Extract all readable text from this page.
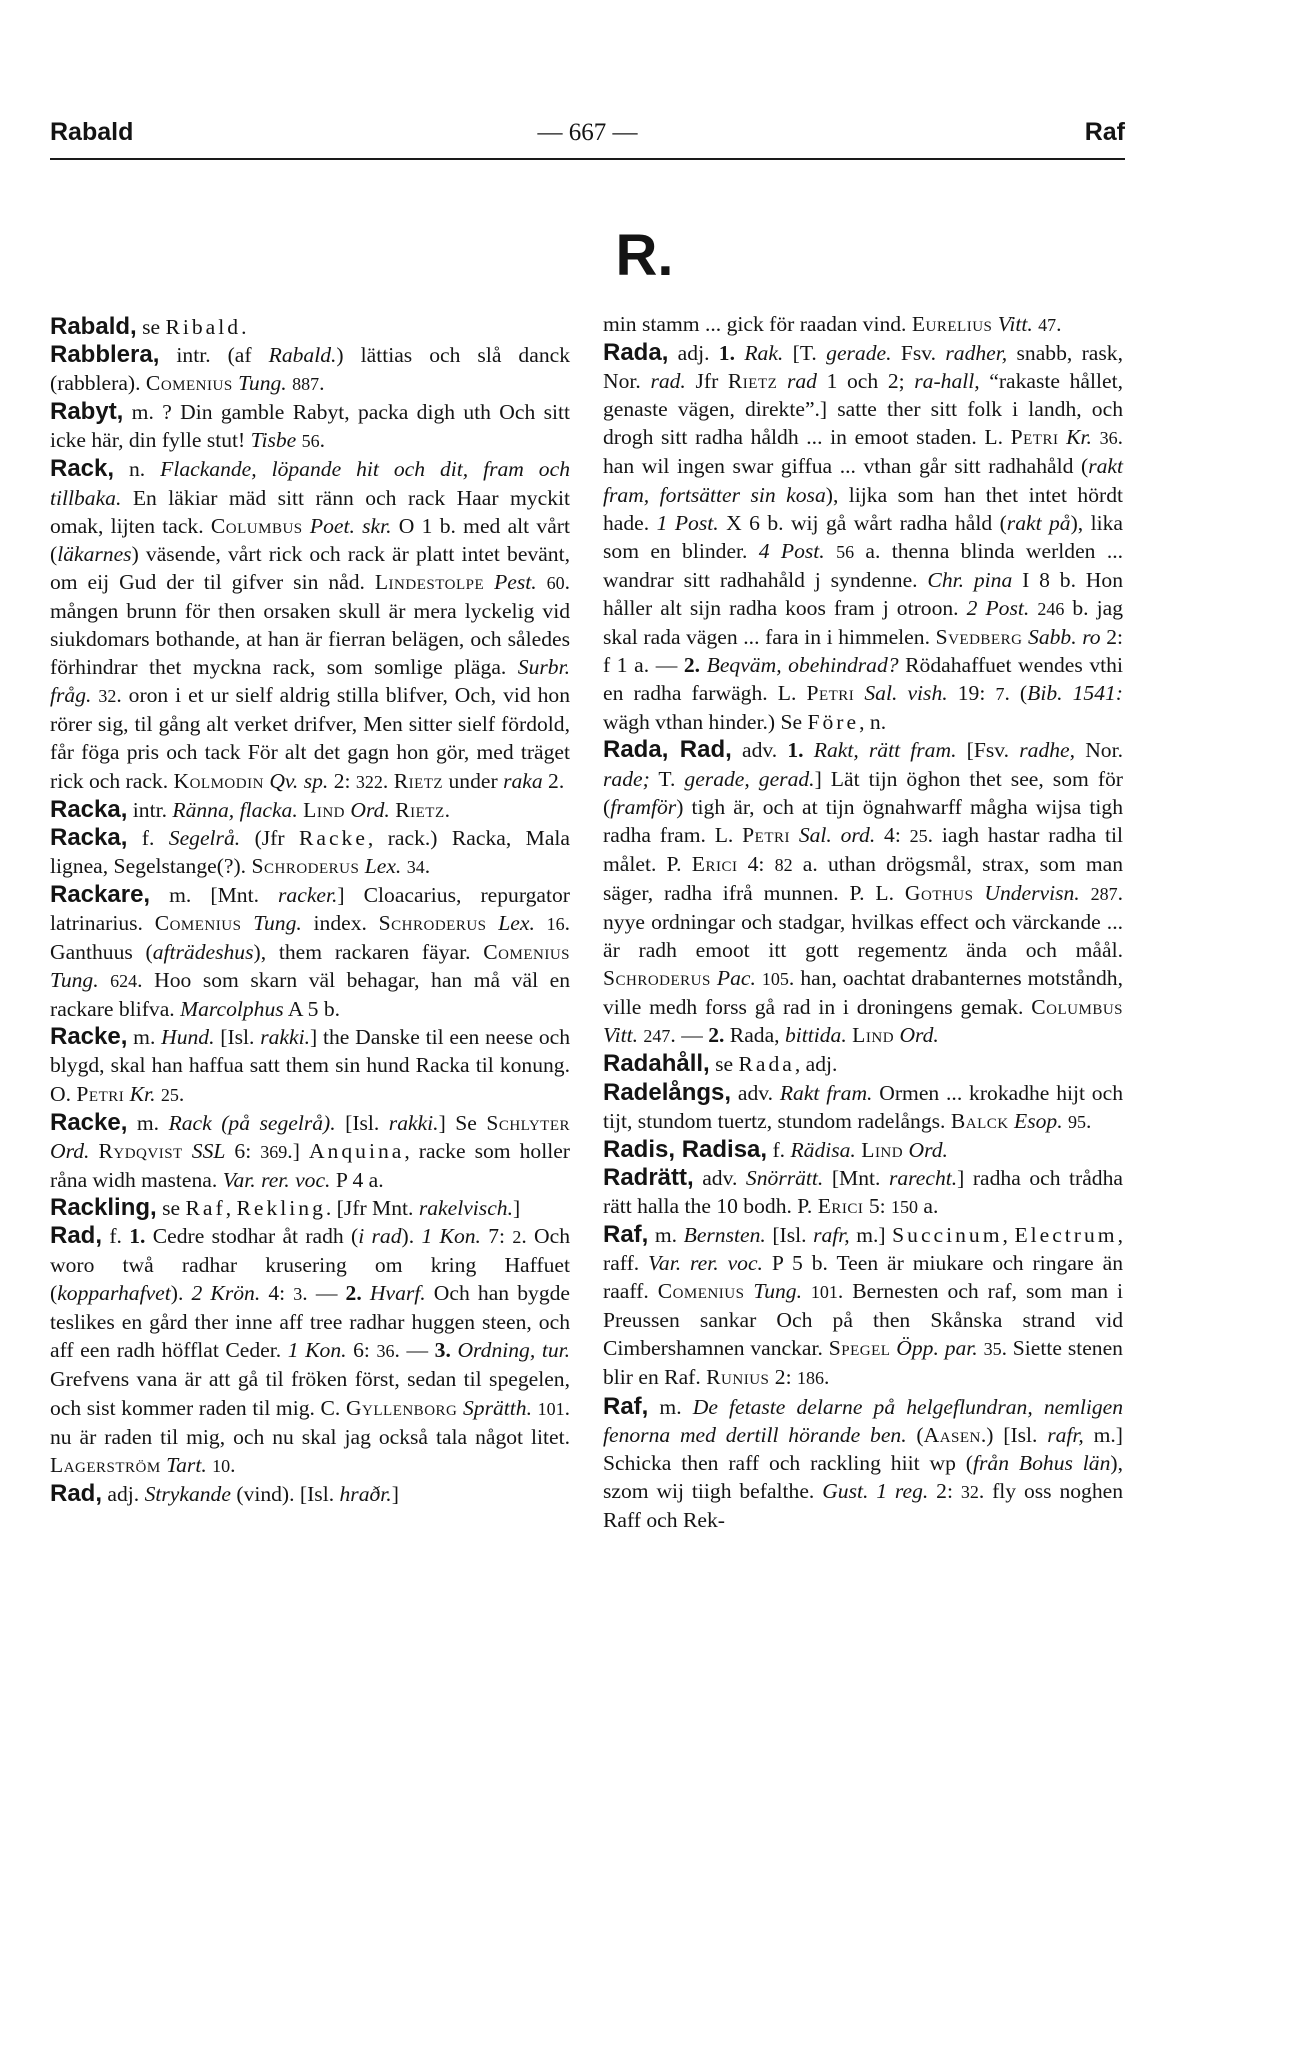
Rabald	— 667 —	Raf
R.

Rabald, se Ribald.

Rabblera, intr. (af Rabald.) lättias och slå danck (rabblera). Comenius Tung. 887.

Rabyt, m. ? Din gamble Rabyt, packa digh uth Och sitt icke här, din fylle stut! Tisbe 56.

Rack, n. Flackande, löpande hit och dit, fram och tillbaka. En läkiar mäd sitt ränn och rack Haar myckit omak, lijten tack. Columbus Poet. skr. O 1 b. med alt vårt (läkarnes) väsende, vårt rick och rack är platt intet bevänt, om eij Gud der til gifver sin nåd. Lindestolpe Pest. 60. mången brunn för then orsaken skull är mera lyckelig vid siukdomars bothande, at han är fierran belägen, och således förhindrar thet myckna rack, som somlige pläga. Surbr. fråg. 32. oron i et ur sielf aldrig stilla blifver, Och, vid hon rörer sig, til gång alt verket drifver, Men sitter sielf fördold, får föga pris och tack För alt det gagn hon gör, med träget rick och rack. Kolmodin Qv. sp. 2: 322. Rietz under raka 2.

Racka, intr. Ränna, flacka. Lind Ord. Rietz.

Racka, f. Segelrå. (Jfr Racke, rack.) Racka, Mala lignea, Segelstange(?). Schroderus Lex. 34.

Rackare, m. [Mnt. racker.] Cloacarius, repurgator latrinarius. Comenius Tung. index. Schroderus Lex. 16. Ganthuus (afträdeshus), them rackaren fäyar. Comenius Tung. 624. Hoo som skarn väl behagar, han må väl en rackare blifva. Marcolphus A 5 b.

Racke, m. Hund. [Isl. rakki.] the Danske til een neese och blygd, skal han haffua satt them sin hund Racka til konung. O. Petri Kr. 25.

Racke, m. Rack (på segelrå). [Isl. rakki.] Se Schlyter Ord. Rydqvist SSL 6: 369.] Anquina, racke som holler råna widh mastena. Var. rer. voc. P 4 a.

Rackling, se Raf, Rekling. [Jfr Mnt. rakelvisch.]

Rad, f. 1. Cedre stodhar åt radh (i rad). 1 Kon. 7: 2. Och woro twå radhar krusering om kring Haffuet (kopparhafvet). 2 Krön. 4: 3. — 2. Hvarf. Och han bygde teslikes en gård ther inne aff tree radhar huggen steen, och aff een radh höfflat Ceder. 1 Kon. 6: 36. — 3. Ordning, tur. Grefvens vana är att gå til fröken först, sedan til spegelen, och sist kommer raden til mig. C. Gyllenborg Sprätth. 101. nu är raden til mig, och nu skal jag också tala något litet. Lagerström Tart. 10.

Rad, adj. Strykande (vind). [Isl. hraðr.]

min stamm ... gick för raadan vind. Eurelius Vitt. 47.

Rada, adj. 1. Rak. [T. gerade. Fsv. radher, snabb, rask, Nor. rad. Jfr Rietz rad 1 och 2; ra-hall, “rakaste hållet, genaste vägen, direkte”.] satte ther sitt folk i landh, och drogh sitt radha håldh ... in emoot staden. L. Petri Kr. 36. han wil ingen swar giffua ... vthan går sitt radhahåld (rakt fram, fortsätter sin kosa), lijka som han thet intet hördt hade. 1 Post. X 6 b. wij gå wårt radha håld (rakt på), lika som en blinder. 4 Post. 56 a. thenna blinda werlden ... wandrar sitt radhahåld j syndenne. Chr. pina I 8 b. Hon håller alt sijn radha koos fram j otroon. 2 Post. 246 b. jag skal rada vägen ... fara in i himmelen. Svedberg Sabb. ro 2: f 1 a. — 2. Beqväm, obehindrad? Rödahaffuet wendes vthi en radha farwägh. L. Petri Sal. vish. 19: 7. (Bib. 1541: wägh vthan hinder.) Se Före, n.

Rada, Rad, adv. 1. Rakt, rätt fram. [Fsv. radhe, Nor. rade; T. gerade, gerad.] Lät tijn öghon thet see, som för (framför) tigh är, och at tijn ögnahwarff mågha wijsa tigh radha fram. L. Petri Sal. ord. 4: 25. iagh hastar radha til målet. P. Erici 4: 82 a. uthan drögsmål, strax, som man säger, radha ifrå munnen. P. L. Gothus Undervisn. 287. nyye ordningar och stadgar, hvilkas effect och värckande ... är radh emoot itt gott regementz ända och måål. Schroderus Pac. 105. han, oachtat drabanternes motståndh, ville medh forss gå rad in i droningens gemak. Columbus Vitt. 247. — 2. Rada, bittida. Lind Ord.

Radahåll, se Rada, adj.

Radelångs, adv. Rakt fram. Ormen ... krokadhe hijt och tijt, stundom tuertz, stundom radelångs. Balck Esop. 95.

Radis, Radisa, f. Rädisa. Lind Ord.

Radrätt, adv. Snörrätt. [Mnt. rarecht.] radha och trådha rätt halla the 10 bodh. P. Erici 5: 150 a.

Raf, m. Bernsten. [Isl. rafr, m.] Succinum, Electrum, raff. Var. rer. voc. P 5 b. Teen är miukare och ringare än raaff. Comenius Tung. 101. Bernesten och raf, som man i Preussen sankar Och på then Skånska strand vid Cimbershamnen vanckar. Spegel Öpp. par. 35. Siette stenen blir en Raf. Runius 2: 186.

Raf, m. De fetaste delarne på helgeflundran, nemligen fenorna med dertill hörande ben. (Aasen.) [Isl. rafr, m.] Schicka then raff och rackling hiit wp (från Bohus län), szom wij tiigh befalthe. Gust. 1 reg. 2: 32. fly oss noghen Raff och Rek-
